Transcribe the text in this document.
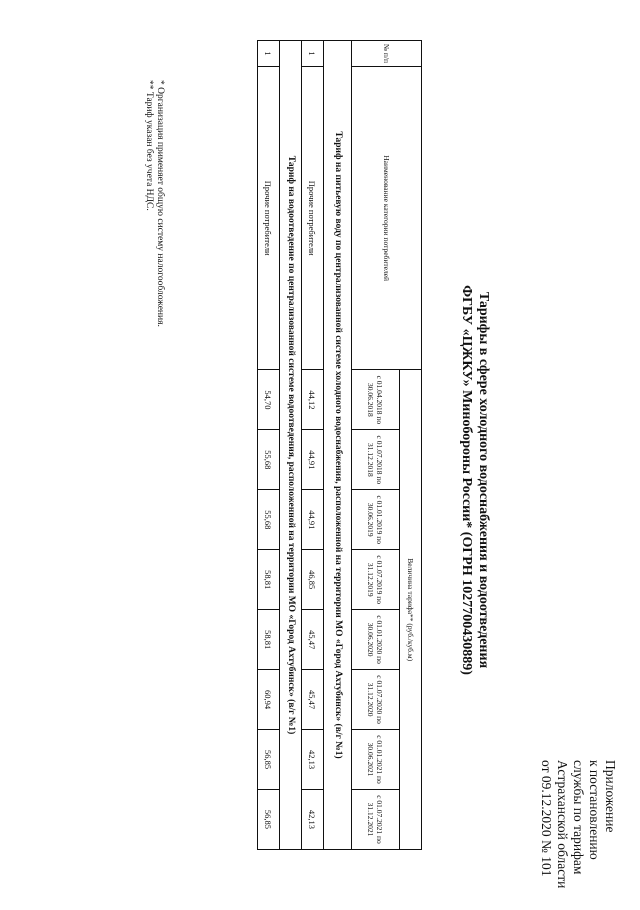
Приложение
к постановлению
службы по тарифам
Астраханской области
от 09.12.2020 № 101
Тарифы в сфере холодного водоснабжения и водоотведения
ФГБУ «ЦЖКУ» Минобороны России* (ОГРН 1027700430889)
№ п/п	Наименование категории потребителей	Величина тарифа** (руб./куб.м)							
		с 01.04.2018 по 30.06.2018	с 01.07.2018 по 31.12.2018	с 01.01.2019 по 30.06.2019	с 01.07.2019 по 31.12.2019	с 01.01.2020 по 30.06.2020	с 01.07.2020 по 31.12.2020	с 01.01.2021 по 30.06.2021	с 01.07.2021 по 31.12.2021
Тариф на питьевую воду по централизованной системе холодного водоснабжения, расположенной на территории МО «Город Ахтубинск» (в/г №1)									
1	Прочие потребители	44,12	44,91	44,91	46,85	45,47	45,47	42,13	42,13
Тариф на водоотведение по централизованной системе водоотведения, расположенной на территории МО «Город Ахтубинск» (в/г №1)									
1	Прочие потребители	54,70	55,68	55,68	58,81	58,81	60,94	56,85	56,85
* Организация применяет общую систему налогообложения.
** Тариф указан без учета НДС.
